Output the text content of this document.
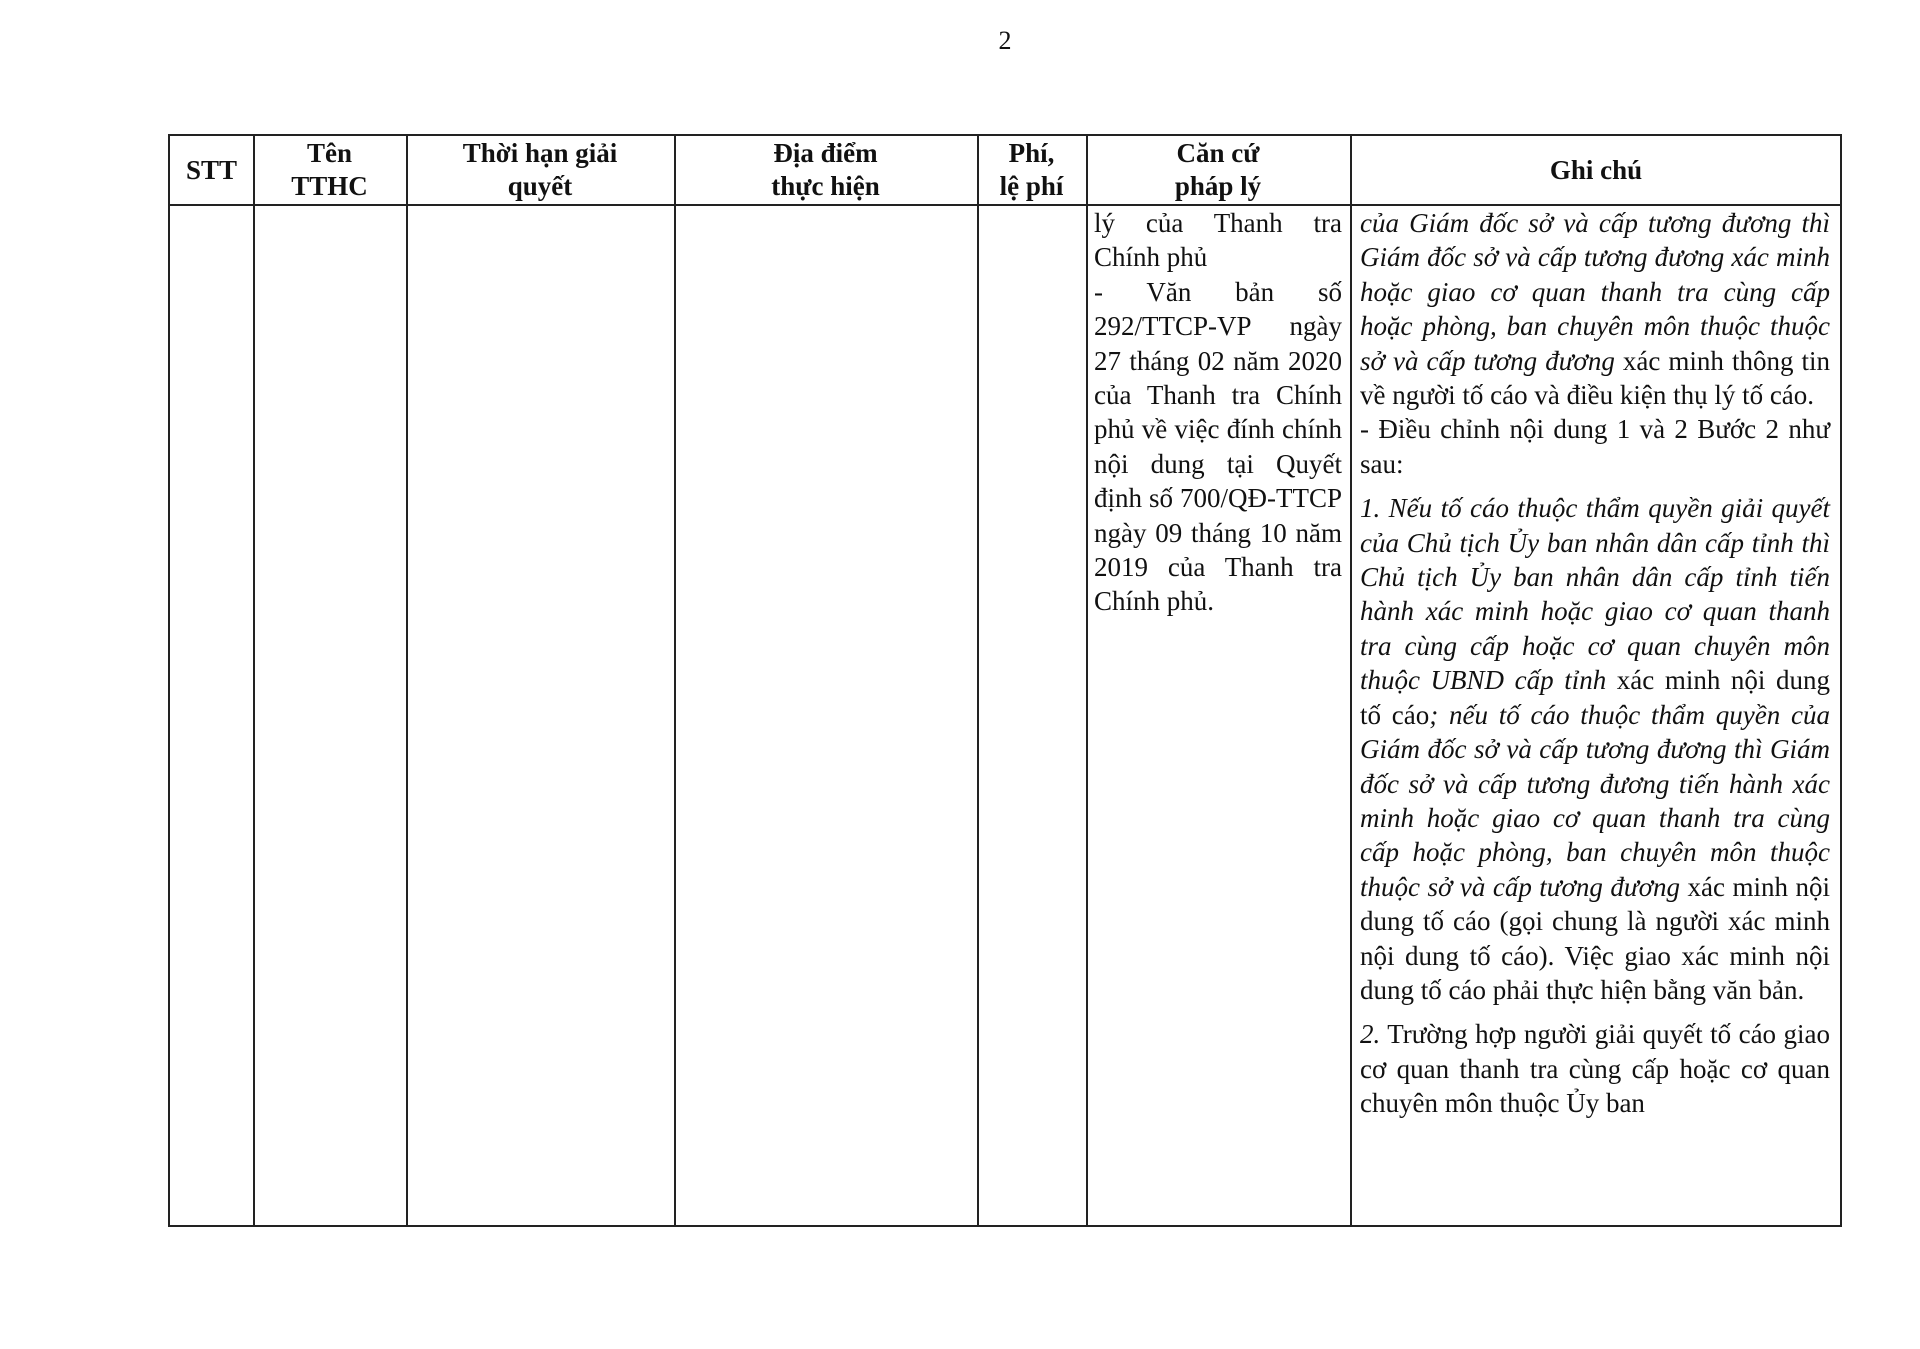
2
STT
Tên
TTHC
Thời hạn giải
quyết
Địa điểm
thực hiện
Phí,
lệ phí
Căn cứ
pháp lý
Ghi chú

lý của Thanh tra Chính phủ

- Văn bản số 292/TTCP-VP ngày 27 tháng 02 năm 2020 của Thanh tra Chính phủ về việc đính chính nội dung tại Quyết định số 700/QĐ-TTCP ngày 09 tháng 10 năm 2019 của Thanh tra Chính phủ.

của Giám đốc sở và cấp tương đương thì Giám đốc sở và cấp tương đương xác minh hoặc giao cơ quan thanh tra cùng cấp hoặc phòng, ban chuyên môn thuộc thuộc sở và cấp tương đương xác minh thông tin về người tố cáo và điều kiện thụ lý tố cáo.

- Điều chỉnh nội dung 1 và 2 Bước 2 như sau:

1. Nếu tố cáo thuộc thẩm quyền giải quyết của Chủ tịch Ủy ban nhân dân cấp tỉnh thì Chủ tịch Ủy ban nhân dân cấp tỉnh tiến hành xác minh hoặc giao cơ quan thanh tra cùng cấp hoặc cơ quan chuyên môn thuộc UBND cấp tỉnh xác minh nội dung tố cáo; nếu tố cáo thuộc thẩm quyền của Giám đốc sở và cấp tương đương thì Giám đốc sở và cấp tương đương tiến hành xác minh hoặc giao cơ quan thanh tra cùng cấp hoặc phòng, ban chuyên môn thuộc thuộc sở và cấp tương đương xác minh nội dung tố cáo (gọi chung là người xác minh nội dung tố cáo). Việc giao xác minh nội dung tố cáo phải thực hiện bằng văn bản.

2. Trường hợp người giải quyết tố cáo giao cơ quan thanh tra cùng cấp hoặc cơ quan chuyên môn thuộc Ủy ban
